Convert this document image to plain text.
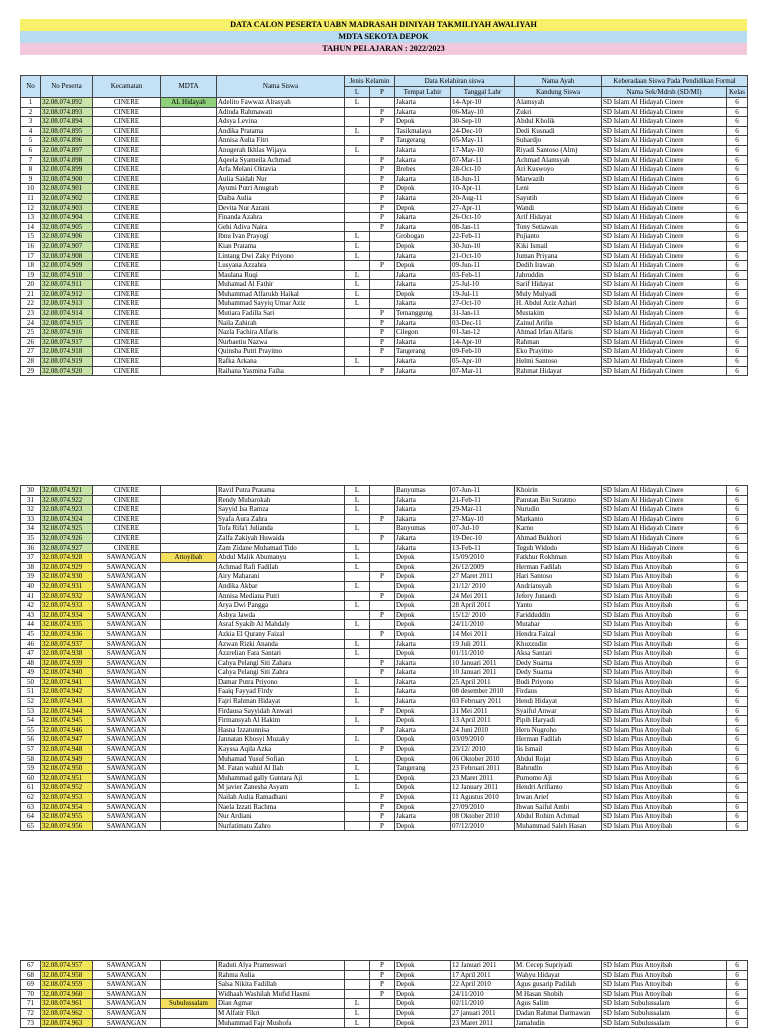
DATA CALON PESERTA UABN MADRASAH DINIYAH TAKMILIYAH AWALIYAH
MDTA SEKOTA DEPOK
TAHUN PELAJARAN : 2022/2023
No	No Peserta	Kecamatan	MDTA	Nama Siswa	Jenis Kelamin		Data Kelahiran siswa		Nama Ayah	Keberadaan Siswa Pada Pendidikan Formal	
					L	P	Tempat Lahir	Tanggal Lahr	Kandung Siswa	Nama Sek/Mdrsh (SD/MI)	Kelas
1	32.08.074.892	CINERE	AL Hidayah	Adelito Fawwaz Alrasyah	L		Jakarta	14-Apr-10	Alamsyah	SD Islam Al Hidayah Cinere	6
2	32.08.074.893	CINERE		Adinda Rahmawati		P	Jakarta	06-May-10	Zukri	SD Islam Al Hidayah Cinere	6
3	32.08.074.894	CINERE		Adsya Levina		P	Depok	30-Sep-10	Abdul Kholik	SD Islam Al Hidayah Cinere	6
4	32.08.074.895	CINERE		Andika Pratama	L		Tasikmalaya	24-Dec-10	Dedi Kusnadi	SD Islam Al Hidayah Cinere	6
5	32.08.074.896	CINERE		Annisa Aulia Fitri		P	Tangerang	05-May-11	Suhardjo	SD Islam Al Hidayah Cinere	6
6	32.08.074.897	CINERE		Anugerah Ikhlas Wijaya	L		Jakarta	17-May-10	Riyadi Santoso (Alm)	SD Islam Al Hidayah Cinere	6
7	32.08.074.898	CINERE		Aqeela Syameila Achmad		P	Jakarta	07-Mar-11	Achmad Alamsyah	SD Islam Al Hidayah Cinere	6
8	32.08.074.899	CINERE		Arfa Melani Oktavia		P	Brebes	28-Oct-10	Ari Kuswoyo	SD Islam Al Hidayah Cinere	6
9	32.08.074.900	CINERE		Aulia Saidah Nur		P	Jakarta	18-Jun-11	Marwazih	SD Islam Al Hidayah Cinere	6
10	32.08.074.901	CINERE		Ayumi Putri Anugrah		P	Depok	10-Apr-11	Leni	SD Islam Al Hidayah Cinere	6
11	32.08.074.902	CINERE		Daiba Aulia		P	Jakarta	20-Aug-11	Sayutih	SD Islam Al Hidayah Cinere	6
12	32.08.074.903	CINERE		Devita Nur Azrani		P	Depok	27-Apr-11	Wandi	SD Islam Al Hidayah Cinere	6
13	32.08.074.904	CINERE		Finanda Azahra		P	Jakarta	26-Oct-10	Arif Hidayat	SD Islam Al Hidayah Cinere	6
14	32.08.074.905	CINERE		Gehi Adiva Naira		P	Jakarta	08-Jan-11	Tony Setiawan	SD Islam Al Hidayah Cinere	6
15	32.08.074.906	CINERE		Ibnu Ivan Prayogi	L		Grobogan	22-Feb-11	Pujianto	SD Islam Al Hidayah Cinere	6
16	32.08.074.907	CINERE		Kian Pratama	L		Depok	30-Jun-10	Kiki Ismail	SD Islam Al Hidayah Cinere	6
17	32.08.074.908	CINERE		Lintang Dwi Zaky Priyono	L		Jakarta	21-Oct-10	Juman Priyana	SD Islam Al Hidayah Cinere	6
18	32.08.074.909	CINERE		Lusyana Azzahra		P	Depok	09-Jun-11	Dedih Irawan	SD Islam Al Hidayah Cinere	6
19	32.08.074.910	CINERE		Maulana Ruqi	L		Jakarta	03-Feb-11	Jahruddin	SD Islam Al Hidayah Cinere	6
20	32.08.074.911	CINERE		Muhamad Al Fathir	L		Jakarta	25-Jul-10	Sarif Hidayat	SD Islam Al Hidayah Cinere	6
21	32.08.074.912	CINERE		Muhammad Alfarukh Haikal	L		Depok	19-Jul-11	Muly Mulyadi	SD Islam Al Hidayah Cinere	6
22	32.08.074.913	CINERE		Muhammad Sayyiq Umar Aziz	L		Jakarta	27-Oct-10	H. Abdul Aziz Azhari	SD Islam Al Hidayah Cinere	6
23	32.08.074.914	CINERE		Mutiara Fadilla Sari		P	Temanggung	31-Jan-11	Mustakim	SD Islam Al Hidayah Cinere	6
24	32.08.074.915	CINERE		Naila Zahirah		P	Jakarta	03-Dec-11	Zainul Arifin	SD Islam Al Hidayah Cinere	6
25	32.08.074.916	CINERE		Nazla Fachira Alfaris		P	Cilegon	01-Jan-12	Ahmad Irfan Alfaris	SD Islam Al Hidayah Cinere	6
26	32.08.074.917	CINERE		Nurbaetiu Nazwa		P	Jakarta	14-Apr-10	Rahman	SD Islam Al Hidayah Cinere	6
27	32.08.074.918	CINERE		Quinsha Putri Prayitno		P	Tangerang	09-Feb-10	Eko Prayitno	SD Islam Al Hidayah Cinere	6
28	32.08.074.919	CINERE		Rafka Arkana	L		Jakarta	05-Apr-10	Helmi Santoso	SD Islam Al Hidayah Cinere	6
29	32.08.074.920	CINERE		Raihana Yasmina Faiha		P	Jakarta	07-Mar-11	Rahmat Hidayat	SD Islam Al Hidayah Cinere	6
30	32.08.074.921	CINERE		Ravif Putra Pratama	L		Banyumas	07-Jun-11	Khoirin	SD Islam Al Hidayah Cinere	6
31	32.08.074.922	CINERE		Rendy Mubarokah	L		Jakarta	21-Feb-11	Panutan Bin Suratmo	SD Islam Al Hidayah Cinere	6
32	32.08.074.923	CINERE		Sayyid Isa Ramza	L		Jakarta	29-Mar-11	Nurudin	SD Islam Al Hidayah Cinere	6
33	32.08.074.924	CINERE		Syafa Aura Zahra		P	Jakarta	27-May-10	Markanto	SD Islam Al Hidayah Cinere	6
34	32.08.074.925	CINERE		Tofa Rifa'i Julianda	L		Banyumas	07-Jul-10	Karno	SD Islam Al Hidayah Cinere	6
35	32.08.074.926	CINERE		Zalfa Zakiyah Huwaida		P	Jakarta	19-Dec-10	Ahmad Bukhori	SD Islam Al Hidayah Cinere	6
36	32.08.074.927	CINERE		Zam Zidane Muhamad Tido	L		Jakarta	13-Feb-11	Teguh Widodo	SD Islam Al Hidayah Cinere	6
37	32.08.074.928	SAWANGAN	Attoyibah	Abdul Malik Abumanyu	L		Depok	15/09/2010	Fatkhur Rokhman	SD Islam Plus Attoyibah	6
38	32.08.074.929	SAWANGAN		Achmad Rafi Fadilah	L		Depok	26/12/2009	Herman Fadilah	SD Islam Plus Attoyibah	6
39	32.08.074.930	SAWANGAN		Airy Maharani		P	Depok	27 Maret 2011	Hari Santoso	SD Islam Plus Attoyibah	6
40	32.08.074.931	SAWANGAN		Andika Akbar	L		Depok	21/12/ 2010	Andriansyah	SD Islam Plus Attoyibah	6
41	32.08.074.932	SAWANGAN		Annisa Mediana Putri		P	Depok	24 Mei 2011	Jefery Junaedi	SD Islam Plus Attoyibah	6
42	32.08.074.933	SAWANGAN		Arya Dwi Pangga	L		Depok	28 April 2011	Yanto	SD Islam Plus Attoyibah	6
43	32.08.074.934	SAWANGAN		Asbya Jawda		P	Depok	15/12/ 2010	Faridduddin	SD Islam Plus Attoyibah	6
44	32.08.074.935	SAWANGAN		Asraf Syakib Al Mahdaly	L		Depok	24/11/2010	Mutahar	SD Islam Plus Attoyibah	6
45	32.08.074.936	SAWANGAN		Azkia El Qurany Faizal		P	Depok	14 Mei 2011	Hendra Faizal	SD Islam Plus Attoyibah	6
46	32.08.074.937	SAWANGAN		Azwan Rizki Ananda	L		Jakarta	19 Juli 2011	Khuzzudin	SD Islam Plus Attoyibah	6
47	32.08.074.938	SAWANGAN		Azzrelian Fara Santari	L		Depok	01/11/2010	Aksa Santari	SD Islam Plus Attoyibah	6
48	32.08.074.939	SAWANGAN		Cahya Pelangi Siti Zahara		P	Jakarta	10 Januari 2011	Dedy Suarna	SD Islam Plus Attoyibah	6
49	32.08.074.940	SAWANGAN		Cahya Pelangi Siti Zahra		P	Jakarta	10 Januari 2011	Dedy Suarna	SD Islam Plus Attoyibah	6
50	32.08.074.941	SAWANGAN		Damar Putra Priyono	L		Jakarta	25 April 2011	Budi Priyono	SD Islam Plus Attoyibah	6
51	32.08.074.942	SAWANGAN		Faaiq Fayyad Firdy	L		Jakarta	08 desember 2010	Firdaus	SD Islam Plus Attoyibah	6
52	32.08.074.943	SAWANGAN		Fajri Rahman Hidayat	L		Jakarta	03 February 2011	Hendi Hidayat	SD Islam Plus Attoyibah	6
53	32.08.074.944	SAWANGAN		Firdausa Sayyidah Anwari		P	Depok	31 Mei 2011	Syaiful Anwar	SD Islam Plus Attoyibah	6
54	32.08.074.945	SAWANGAN		Firmansyah Al Hakim	L		Depok	13 April 2011	Pipih Haryadi	SD Islam Plus Attoyibah	6
55	32.08.074.946	SAWANGAN		Hasna Izzatunnisa		P	Jakarta	24 Juni 2010	Heru Nugroho	SD Islam Plus Attoyibah	6
56	32.08.074.947	SAWANGAN		Jannatan Khosyi Muzaky	L		Depok	03/09/2010	Herman Fadilah	SD Islam Plus Attoyibah	6
57	32.08.074.948	SAWANGAN		Kayssa Aqila Azka		P	Depok	23/12/ 2010	Iis Ismail	SD Islam Plus Attoyibah	6
58	32.08.074.949	SAWANGAN		Muhamad Yusuf Sofian	L		Depok	06 Oktober 2010	Abdul Rojat	SD Islam Plus Attoyibah	6
59	32.08.074.950	SAWANGAN		M. Fatan wahid Al Ilah	L		Tangerang	23 Februari 2011	Bahrudin	SD Islam Plus Attoyibah	6
60	32.08.074.951	SAWANGAN		Muhammad gally Guntara Aji	L		Depok	23 Maret 2011	Purnomo Aji	SD Islam Plus Attoyibah	6
61	32.08.074.952	SAWANGAN		M javier Zanesha Asyam	L		Depok	12 January 2011	Hendri Arifianto	SD Islam Plus Attoyibah	6
62	32.08.074.953	SAWANGAN		Nailah Aulia Ramadhani		P	Depok	11 Agustus 2010	Irwan Arief	SD Islam Plus Attoyibah	6
63	32.08.074.954	SAWANGAN		Naela Izzati Rachma		P	Depok	27/09/2010	Ihwan Saiful Ambi	SD Islam Plus Attoyibah	6
64	32.08.074.955	SAWANGAN		Nur Ardiani		P	Jakarta	08 Oktober 2010	Abdul Rohim Achmad	SD Islam Plus Attoyibah	6
65	32.08.074.956	SAWANGAN		Nurfatimatu Zahro		P	Depok	07/12/2010	Muhammad Saleh Hasan	SD Islam Plus Attoyibah	6
67	32.08.074.957	SAWANGAN		Raduti Alya Prameswari		P	Depok	12 Januari 2011	M. Cecep Supriyadi	SD Islam Plus Attoyibah	6
68	32.08.074.958	SAWANGAN		Rahma Aulia		P	Depok	17 April 2011	Wahyu Hidayat	SD Islam Plus Attoyibah	6
69	32.08.074.959	SAWANGAN		Salsa Nikita Fadillah		P	Depok	22 April 2010	Agus gusarip Padilah	SD Islam Plus Attoyibah	6
70	32.08.074.960	SAWANGAN		Widhaah Washilah Mufid Hasmi		P	Depok	24/11/2010	M Hasan Shobih	SD Islam Plus Attoyibah	6
71	32.08.074.961	SAWANGAN	Subulussalam	Dian Agmar	L		Depok	02/11/2010	Agus Salim	SD Islam Subulussalam	6
72	32.08.074.962	SAWANGAN		M Alfatir Fikri	L		Depok	27 januari 2011	Dadan Rahmat Darmawan	SD Islam Subulussalam	6
73	32.08.074.963	SAWANGAN		Muhammad Fajr Mushofa	L		Depok	23 Maret 2011	Jamaludin	SD Islam Subulussalam	6
